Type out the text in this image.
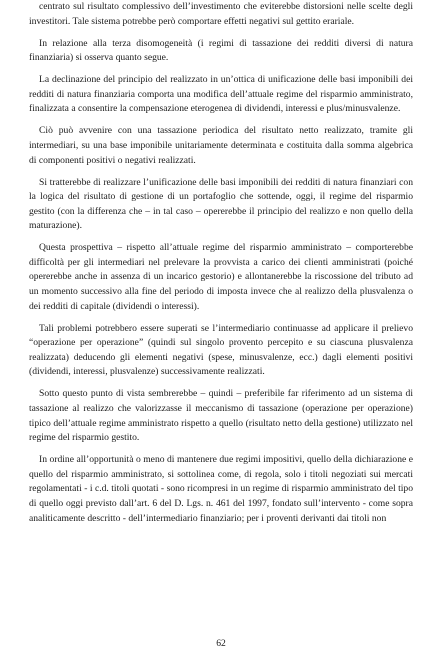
centrato sul risultato complessivo dell’investimento che eviterebbe distorsioni nelle scelte degli investitori. Tale sistema potrebbe però comportare effetti negativi sul gettito erariale.

In relazione alla terza disomogeneità (i regimi di tassazione dei redditi diversi di natura finanziaria) si osserva quanto segue.

La declinazione del principio del realizzato in un’ottica di unificazione delle basi imponibili dei redditi di natura finanziaria comporta una modifica dell’attuale regime del risparmio amministrato, finalizzata a consentire la compensazione eterogenea di dividendi, interessi e plus/minusvalenze.

Ciò può avvenire con una tassazione periodica del risultato netto realizzato, tramite gli intermediari, su una base imponibile unitariamente determinata e costituita dalla somma algebrica di componenti positivi o negativi realizzati.

Si tratterebbe di realizzare l’unificazione delle basi imponibili dei redditi di natura finanziari con la logica del risultato di gestione di un portafoglio che sottende, oggi, il regime del risparmio gestito (con la differenza che – in tal caso – opererebbe il principio del realizzo e non quello della maturazione).

Questa prospettiva – rispetto all’attuale regime del risparmio amministrato – comporterebbe difficoltà per gli intermediari nel prelevare la provvista a carico dei clienti amministrati (poiché opererebbe anche in assenza di un incarico gestorio) e allontanerebbe la riscossione del tributo ad un momento successivo alla fine del periodo di imposta invece che al realizzo della plusvalenza o dei redditi di capitale (dividendi o interessi).

Tali problemi potrebbero essere superati se l’intermediario continuasse ad applicare il prelievo “operazione per operazione” (quindi sul singolo provento percepito e su ciascuna plusvalenza realizzata) deducendo gli elementi negativi (spese, minusvalenze, ecc.) dagli elementi positivi (dividendi, interessi, plusvalenze) successivamente realizzati.

Sotto questo punto di vista sembrerebbe – quindi – preferibile far riferimento ad un sistema di tassazione al realizzo che valorizzasse il meccanismo di tassazione (operazione per operazione) tipico dell’attuale regime amministrato rispetto a quello (risultato netto della gestione) utilizzato nel regime del risparmio gestito.

In ordine all’opportunità o meno di mantenere due regimi impositivi, quello della dichiarazione e quello del risparmio amministrato, si sottolinea come, di regola, solo i titoli negoziati sui mercati regolamentati - i c.d. titoli quotati - sono ricompresi in un regime di risparmio amministrato del tipo di quello oggi previsto dall’art. 6 del D. Lgs. n. 461 del 1997, fondato sull’intervento - come sopra analiticamente descritto - dell’intermediario finanziario; per i proventi derivanti dai titoli non

62
